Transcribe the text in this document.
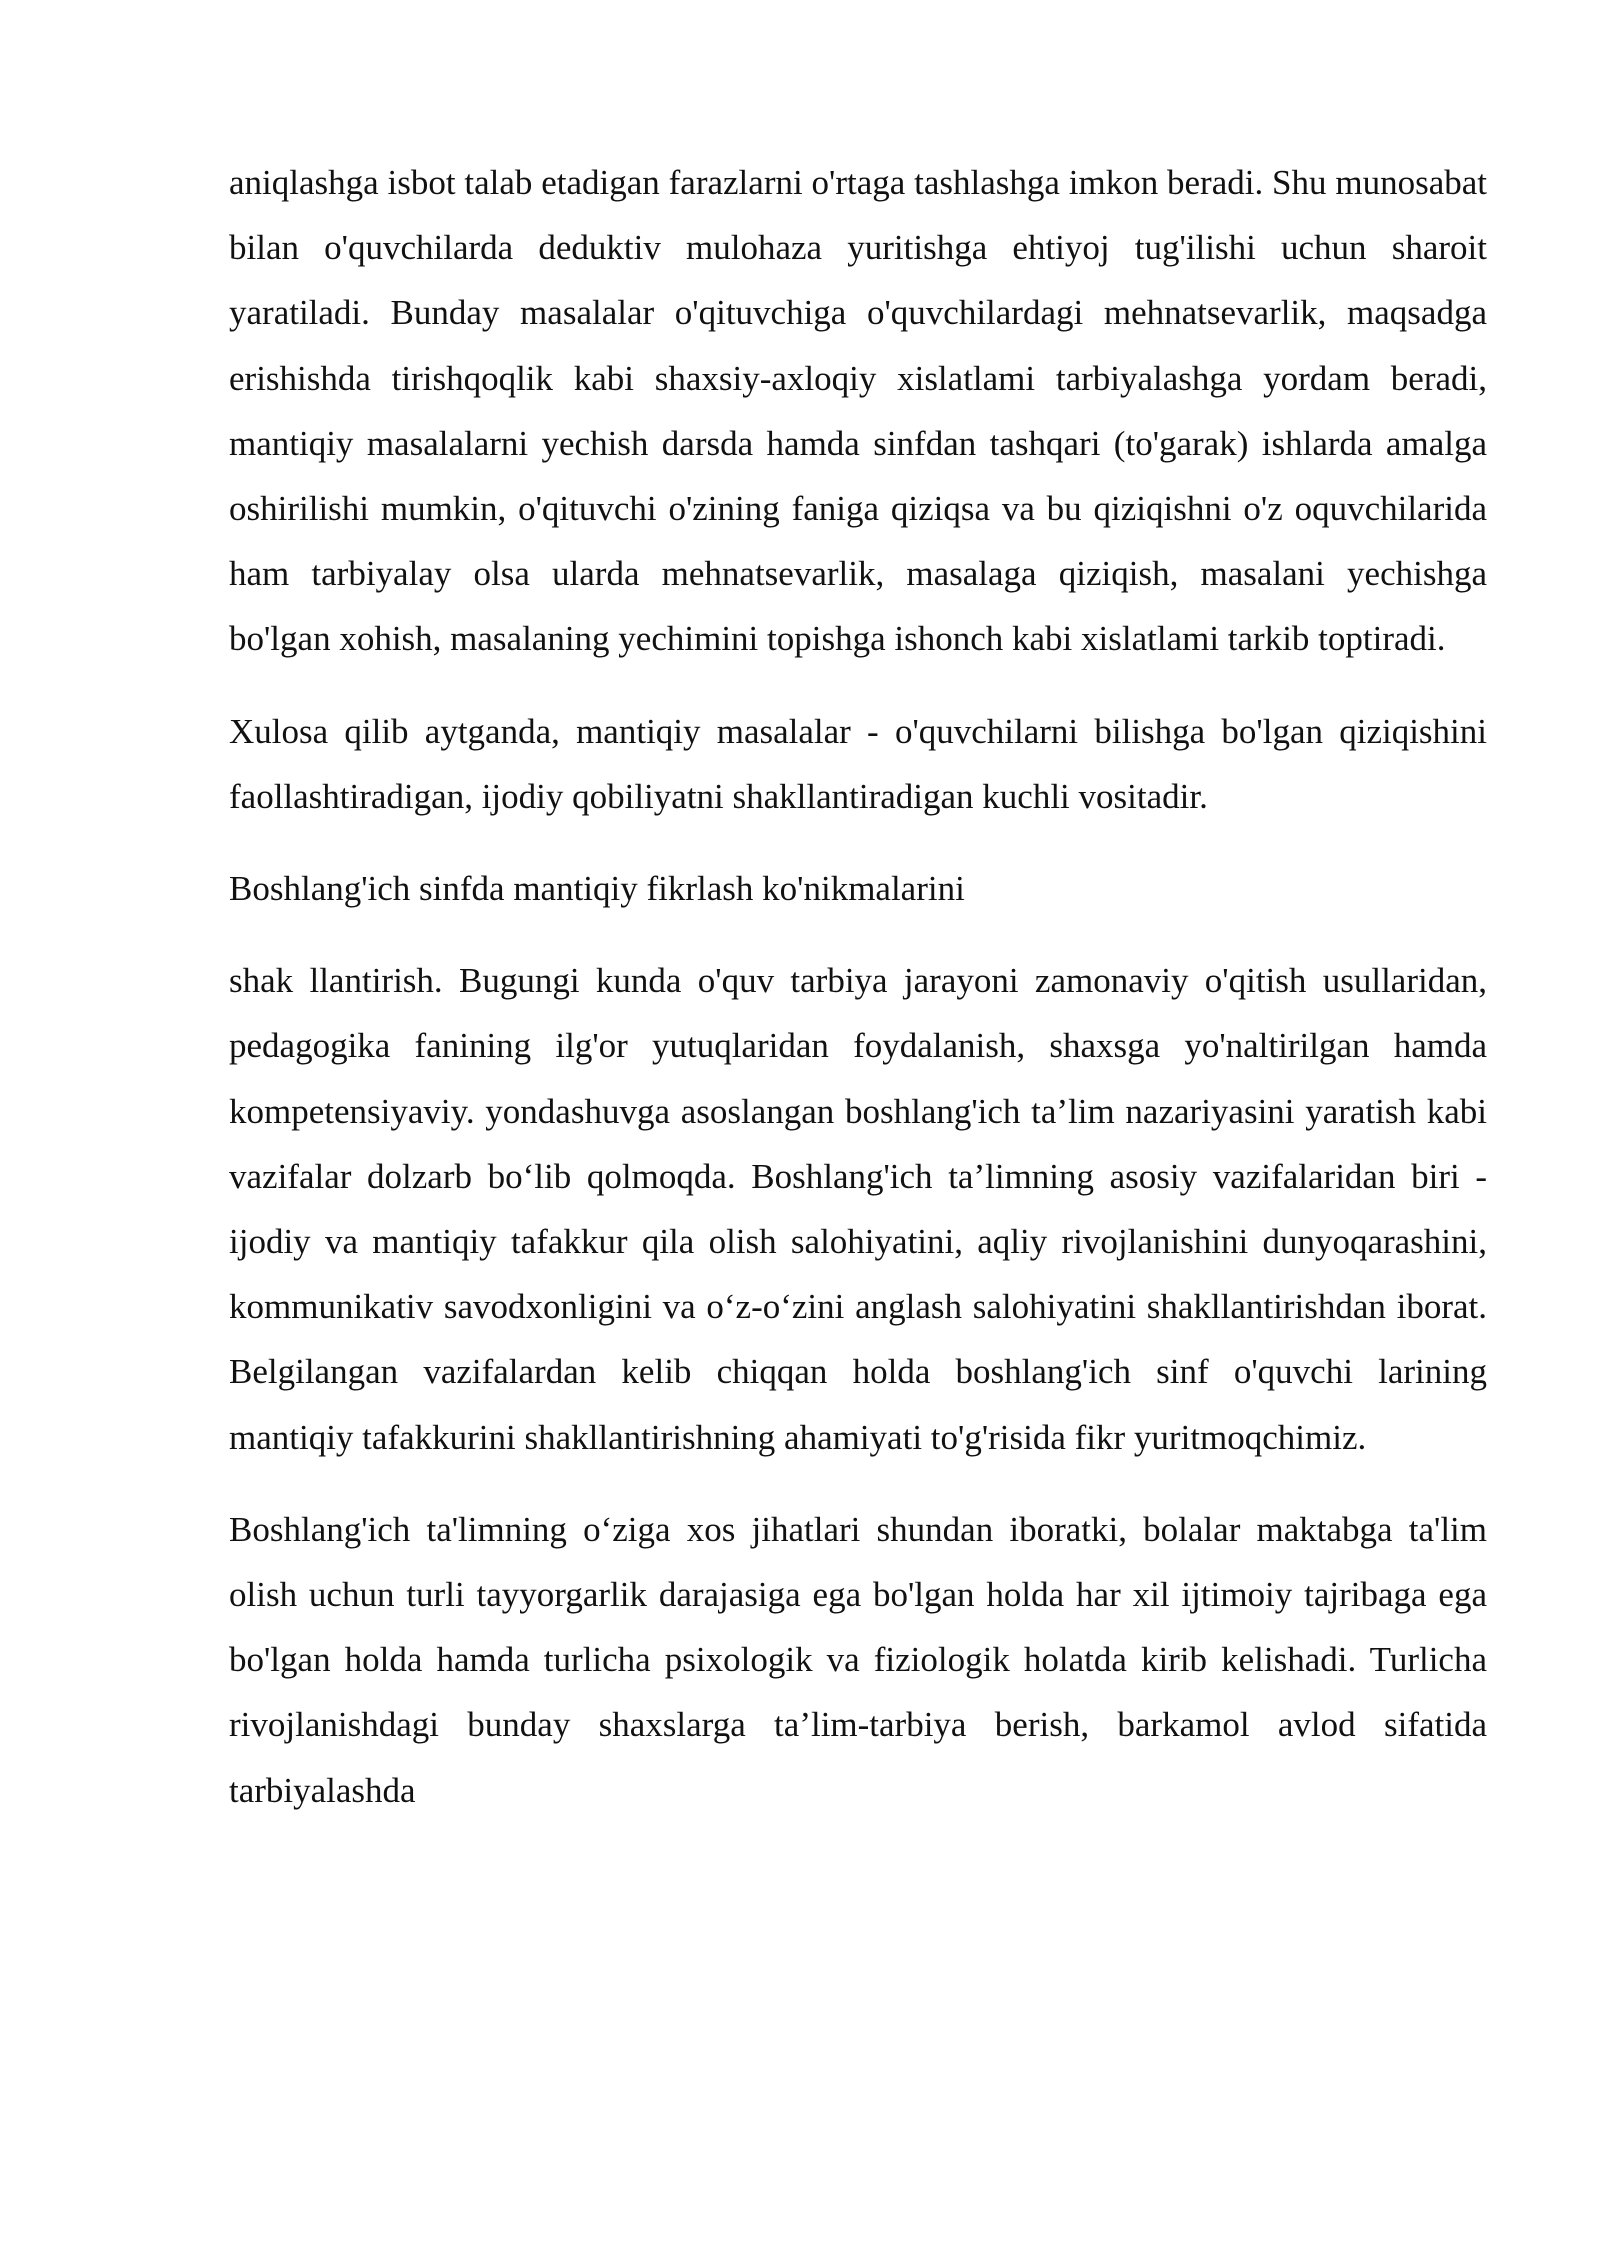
aniqlashga isbot talab etadigan farazlarni o'rtaga tashlashga imkon beradi. Shu munosabat bilan o'quvchilarda deduktiv mulohaza yuritishga ehtiyoj tug'ilishi uchun sharoit yaratiladi. Bunday masalalar o'qituvchiga o'quvchilardagi mehnatsevarlik, maqsadga erishishda tirishqoqlik kabi shaxsiy-axloqiy xislatlami tarbiyalashga yordam beradi, mantiqiy masalalarni yechish darsda hamda sinfdan tashqari (to'garak) ishlarda amalga oshirilishi mumkin, o'qituvchi o'zining faniga qiziqsa va bu qiziqishni o'z oquvchilarida ham tarbiyalay olsa ularda mehnatsevarlik, masalaga qiziqish, masalani yechishga bo'lgan xohish, masalaning yechimini topishga ishonch kabi xislatlami tarkib toptiradi.

Xulosa qilib aytganda, mantiqiy masalalar - o'quvchilarni bilishga bo'lgan qiziqishini faollashtiradigan, ijodiy qobiliyatni shakllantiradigan kuchli vositadir.

Boshlang'ich sinfda mantiqiy fikrlash ko'nikmalarini

shak llantirish. Bugungi kunda o'quv tarbiya jarayoni zamonaviy o'qitish usullaridan, pedagogika fanining ilg'or yutuqlaridan foydalanish, shaxsga yo'naltirilgan hamda kompetensiyaviy. yondashuvga asoslangan boshlang'ich ta’lim nazariyasini yaratish kabi vazifalar dolzarb bo‘lib qolmoqda. Boshlang'ich ta’limning asosiy vazifalaridan biri - ijodiy va mantiqiy tafakkur qila olish salohiyatini, aqliy rivojlanishini dunyoqarashini, kommunikativ savodxonligini va o‘z-o‘zini anglash salohiyatini shakllantirishdan iborat. Belgilangan vazifalardan kelib chiqqan holda boshlang'ich sinf o'quvchi larining mantiqiy tafakkurini shakllantirishning ahamiyati to'g'risida fikr yuritmoqchimiz.

Boshlang'ich ta'limning o‘ziga xos jihatlari shundan iboratki, bolalar maktabga ta'lim olish uchun turli tayyorgarlik darajasiga ega bo'lgan holda har xil ijtimoiy tajribaga ega bo'lgan holda hamda turlicha psixologik va fiziologik holatda kirib kelishadi. Turlicha rivojlanishdagi bunday shaxslarga ta’lim-tarbiya berish, barkamol avlod sifatida tarbiyalashda
